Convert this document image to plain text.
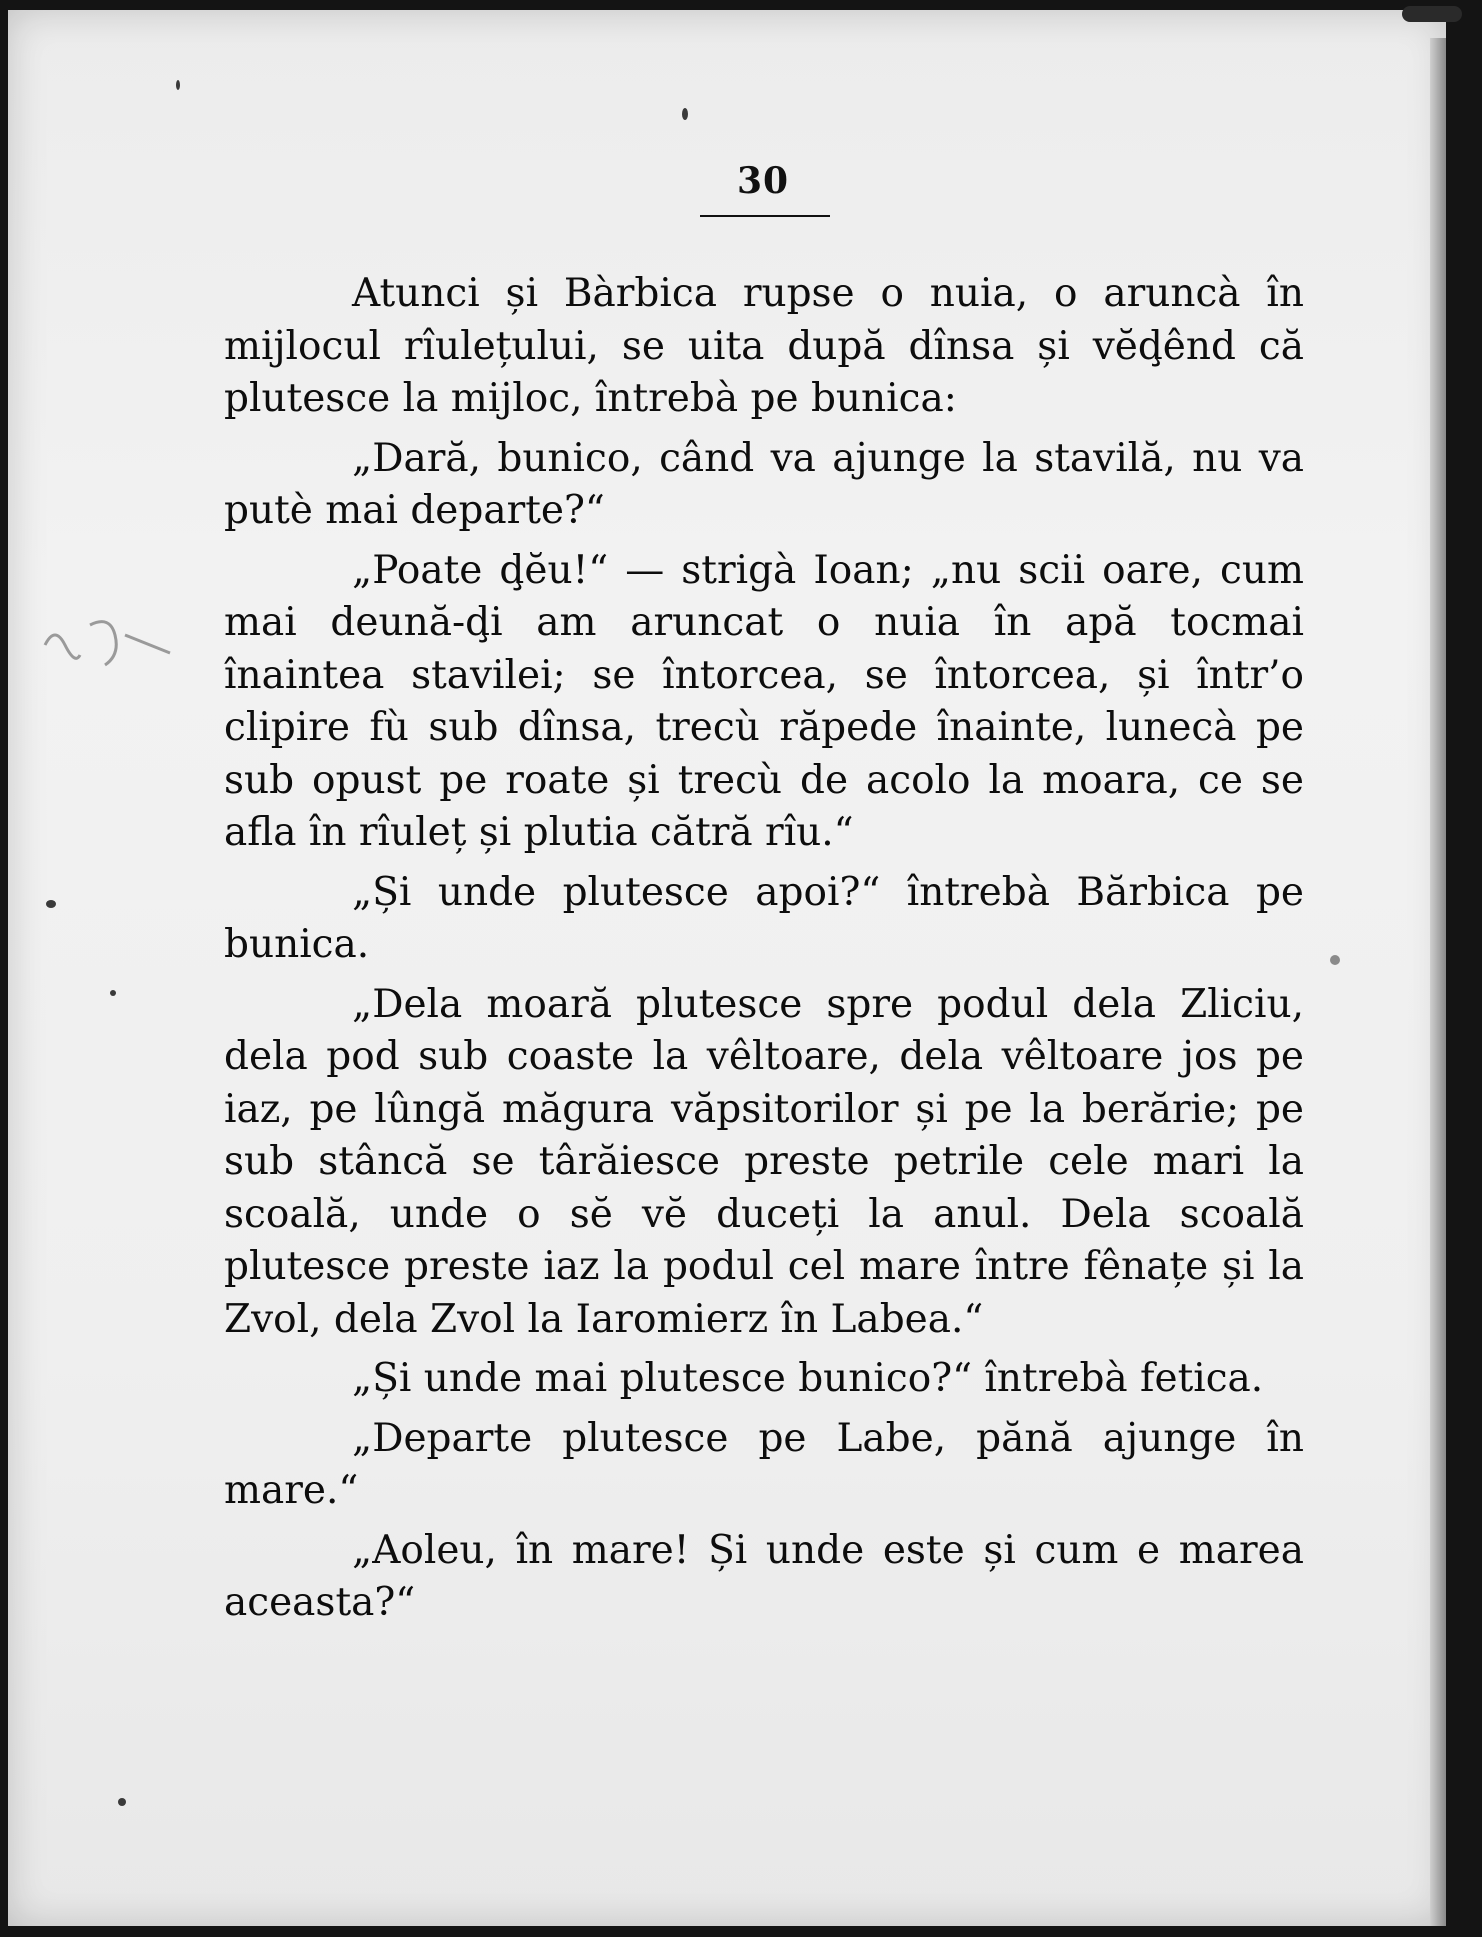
30

Atunci și Bàrbica rupse o nuia, o aruncà în mijlocul rîulețului, se uita după dînsa și vĕḑênd că plutesce la mijloc, întrebà pe bunica:

„Dară, bunico, când va ajunge la stavilă, nu va putè mai departe?“

„Poate ḑĕu!“ — strigà Ioan; „nu scii oare, cum mai deună-ḑi am aruncat o nuia în apă tocmai înaintea stavilei; se întorcea, se întorcea, și într’o clipire fù sub dînsa, trecù răpede înainte, lunecà pe sub opust pe roate și trecù de acolo la moara, ce se afla în rîuleț și plutia cătră rîu.“

„Și unde plutesce apoi?“ întrebà Bărbica pe bunica.

„Dela moară plutesce spre podul dela Zliciu, dela pod sub coaste la vêltoare, dela vêltoare jos pe iaz, pe lûngă măgura văpsitorilor și pe la berărie; pe sub stâncă se târăiesce preste petrile cele mari la scoală, unde o sĕ vĕ duceți la anul. Dela scoală plutesce preste iaz la podul cel mare între fênațe și la Zvol, dela Zvol la Iaromierz în Labea.“

„Și unde mai plutesce bunico?“ întrebà fetica.

„Departe plutesce pe Labe, pănă ajunge în mare.“

„Aoleu, în mare! Și unde este și cum e marea aceasta?“
